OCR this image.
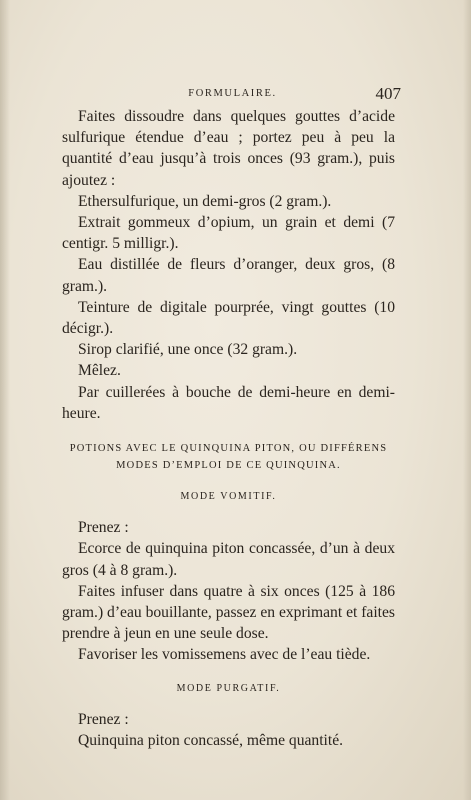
FORMULAIRE.	407

Faites dissoudre dans quelques gouttes d’acide sulfurique étendue d’eau ; portez peu à peu la quantité d’eau jusqu’à trois onces (93 gram.), puis ajoutez :

Ethersulfurique, un demi-gros (2 gram.).

Extrait gommeux d’opium, un grain et demi (7 centigr. 5 milligr.).

Eau distillée de fleurs d’oranger, deux gros, (8 gram.).

Teinture de digitale pourprée, vingt gouttes (10 décigr.).

Sirop clarifié, une once (32 gram.).

Mêlez.

Par cuillerées à bouche de demi-heure en demi-heure.

POTIONS AVEC LE QUINQUINA PITON, OU DIFFÉRENS
MODES D’EMPLOI DE CE QUINQUINA.
MODE VOMITIF.

Prenez :

Ecorce de quinquina piton concassée, d’un à deux gros (4 à 8 gram.).

Faites infuser dans quatre à six onces (125 à 186 gram.) d’eau bouillante, passez en exprimant et faites prendre à jeun en une seule dose.

Favoriser les vomissemens avec de l’eau tiède.

MODE PURGATIF.

Prenez :

Quinquina piton concassé, même quantité.
